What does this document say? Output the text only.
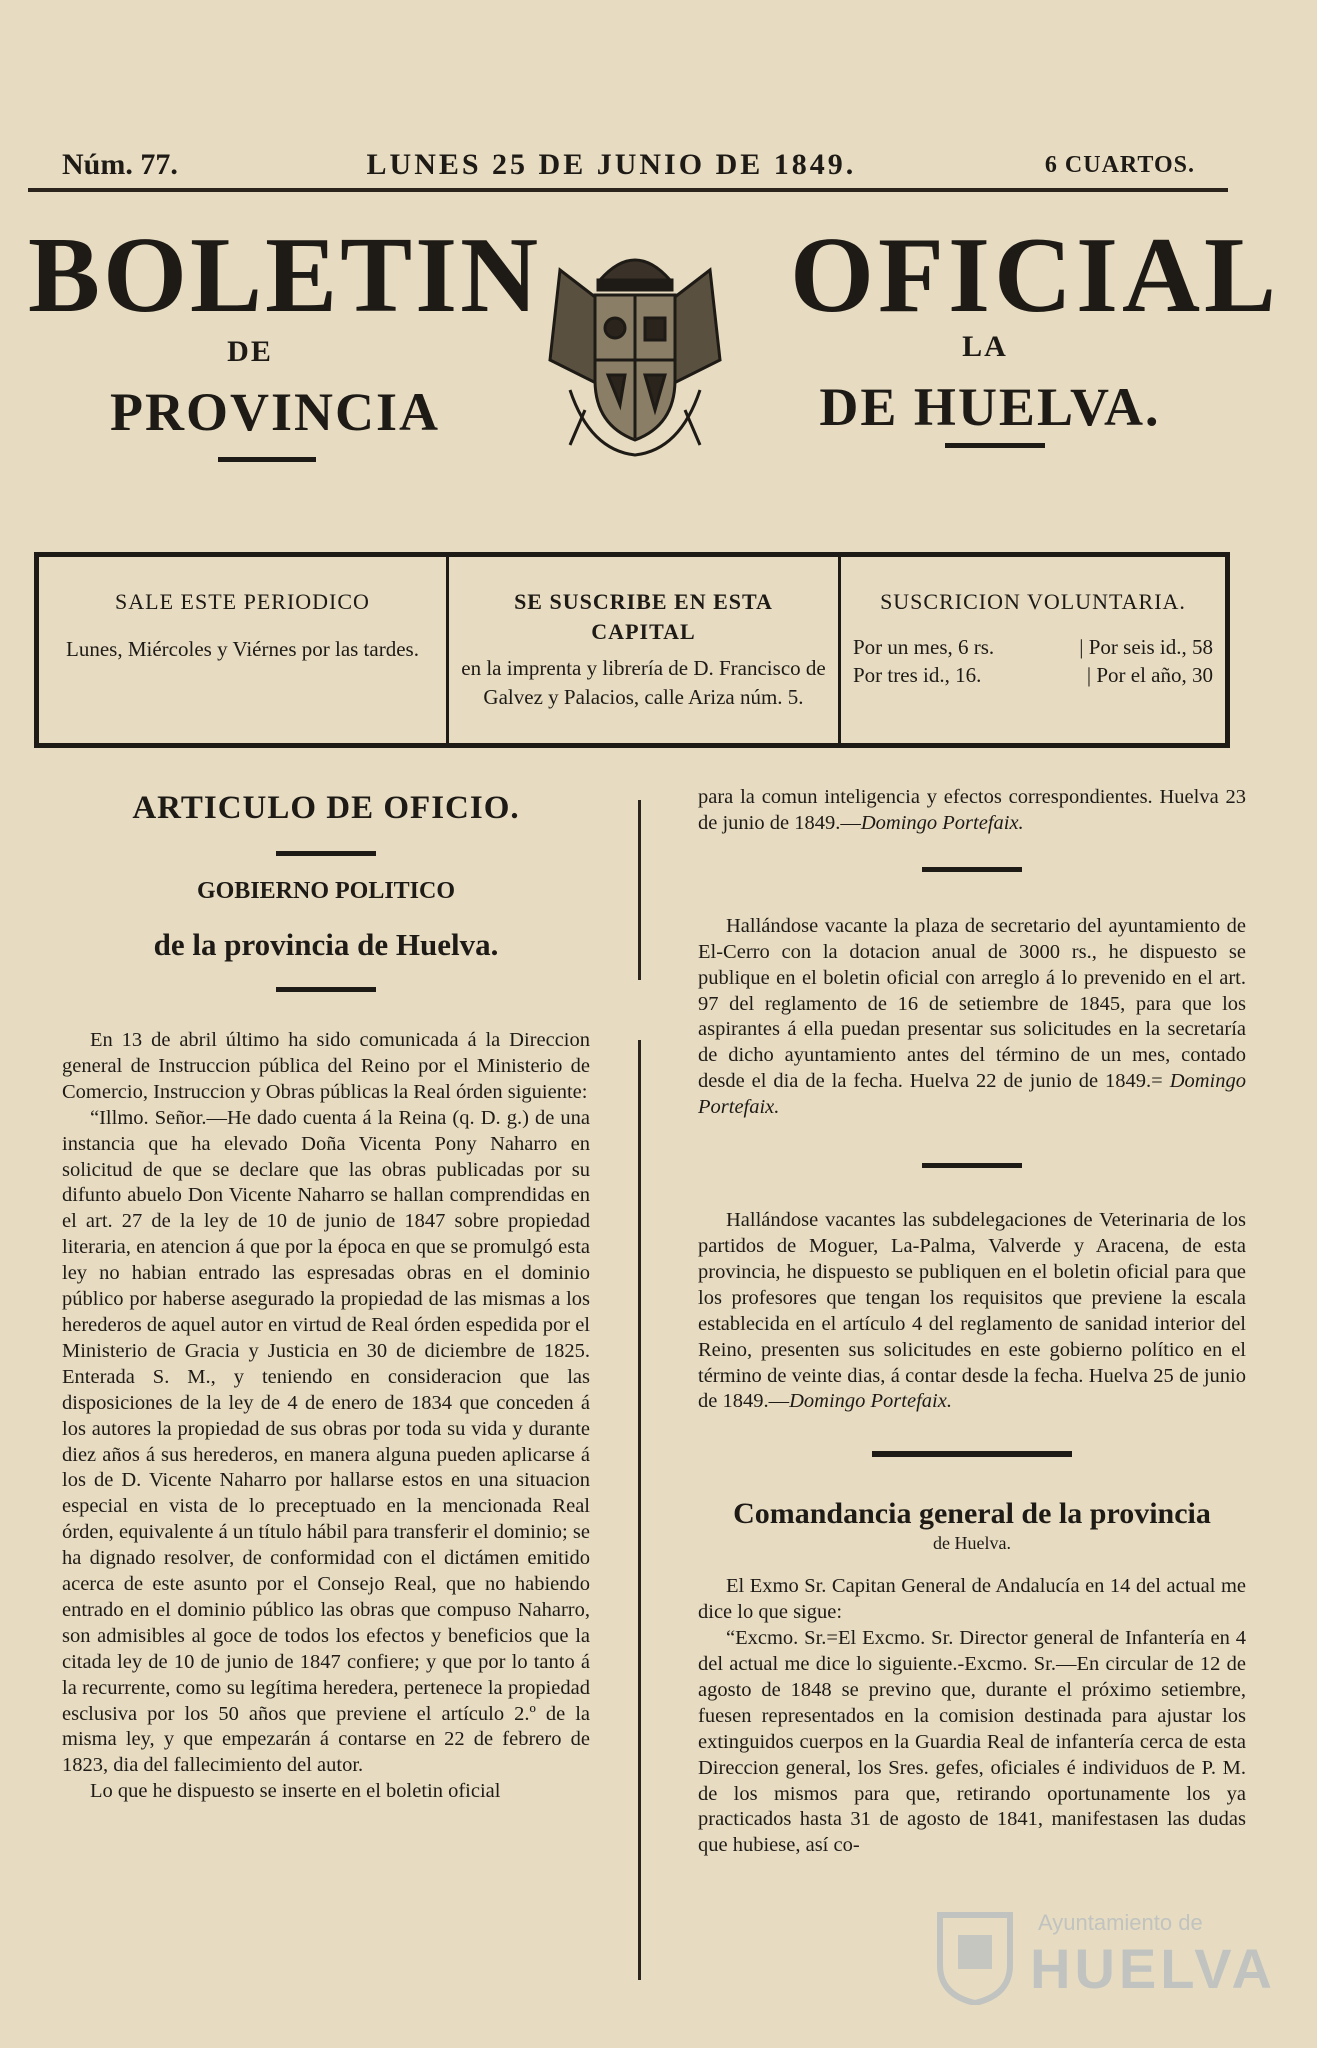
Núm. 77.	LUNES 25 DE JUNIO DE 1849.	6 CUARTOS.
BOLETIN
DE
PROVINCIA
OFICIAL
LA
DE HUELVA.
SALE ESTE PERIODICO
Lunes, Miércoles y Viérnes por las tardes.
SE SUSCRIBE EN ESTA CAPITAL
en la imprenta y librería de D. Francisco de Galvez y Palacios, calle Ariza núm. 5.
SUSCRICION VOLUNTARIA.
Por un mes, 6 rs.	| Por seis id., 58
Por tres id., 16.	| Por el año, 30
ARTICULO DE OFICIO.
GOBIERNO POLITICO
de la provincia de Huelva.

En 13 de abril último ha sido comunicada á la Direccion general de Instruccion pública del Reino por el Ministerio de Comercio, Instruccion y Obras públicas la Real órden siguiente:

“Illmo. Señor.—He dado cuenta á la Reina (q. D. g.) de una instancia que ha elevado Doña Vicenta Pony Naharro en solicitud de que se declare que las obras publicadas por su difunto abuelo Don Vicente Naharro se hallan comprendidas en el art. 27 de la ley de 10 de junio de 1847 sobre propiedad literaria, en atencion á que por la época en que se promulgó esta ley no habian entrado las espresadas obras en el dominio público por haberse asegurado la propiedad de las mismas a los herederos de aquel autor en virtud de Real órden espedida por el Ministerio de Gracia y Justicia en 30 de diciembre de 1825. Enterada S. M., y teniendo en consideracion que las disposiciones de la ley de 4 de enero de 1834 que conceden á los autores la propiedad de sus obras por toda su vida y durante diez años á sus herederos, en manera alguna pueden aplicarse á los de D. Vicente Naharro por hallarse estos en una situacion especial en vista de lo preceptuado en la mencionada Real órden, equivalente á un título hábil para transferir el dominio; se ha dignado resolver, de conformidad con el dictámen emitido acerca de este asunto por el Consejo Real, que no habiendo entrado en el dominio público las obras que compuso Naharro, son admisibles al goce de todos los efectos y beneficios que la citada ley de 10 de junio de 1847 confiere; y que por lo tanto á la recurrente, como su legítima heredera, pertenece la propiedad esclusiva por los 50 años que previene el artículo 2.º de la misma ley, y que empezarán á contarse en 22 de febrero de 1823, dia del fallecimiento del autor.

Lo que he dispuesto se inserte en el boletin oficial

para la comun inteligencia y efectos correspondientes. Huelva 23 de junio de 1849.—Domingo Portefaix.

Hallándose vacante la plaza de secretario del ayuntamiento de El-Cerro con la dotacion anual de 3000 rs., he dispuesto se publique en el boletin oficial con arreglo á lo prevenido en el art. 97 del reglamento de 16 de setiembre de 1845, para que los aspirantes á ella puedan presentar sus solicitudes en la secretaría de dicho ayuntamiento antes del término de un mes, contado desde el dia de la fecha. Huelva 22 de junio de 1849.= Domingo Portefaix.

Hallándose vacantes las subdelegaciones de Veterinaria de los partidos de Moguer, La-Palma, Valverde y Aracena, de esta provincia, he dispuesto se publiquen en el boletin oficial para que los profesores que tengan los requisitos que previene la escala establecida en el artículo 4 del reglamento de sanidad interior del Reino, presenten sus solicitudes en este gobierno político en el término de veinte dias, á contar desde la fecha. Huelva 25 de junio de 1849.—Domingo Portefaix.

Comandancia general de la provincia
de Huelva.

El Exmo Sr. Capitan General de Andalucía en 14 del actual me dice lo que sigue:

“Excmo. Sr.=El Excmo. Sr. Director general de Infantería en 4 del actual me dice lo siguiente.-Excmo. Sr.—En circular de 12 de agosto de 1848 se previno que, durante el próximo setiembre, fuesen representados en la comision destinada para ajustar los extinguidos cuerpos en la Guardia Real de infantería cerca de esta Direccion general, los Sres. gefes, oficiales é individuos de P. M. de los mismos para que, retirando oportunamente los ya practicados hasta 31 de agosto de 1841, manifestasen las dudas que hubiese, así co-

Ayuntamiento de
HUELVA
